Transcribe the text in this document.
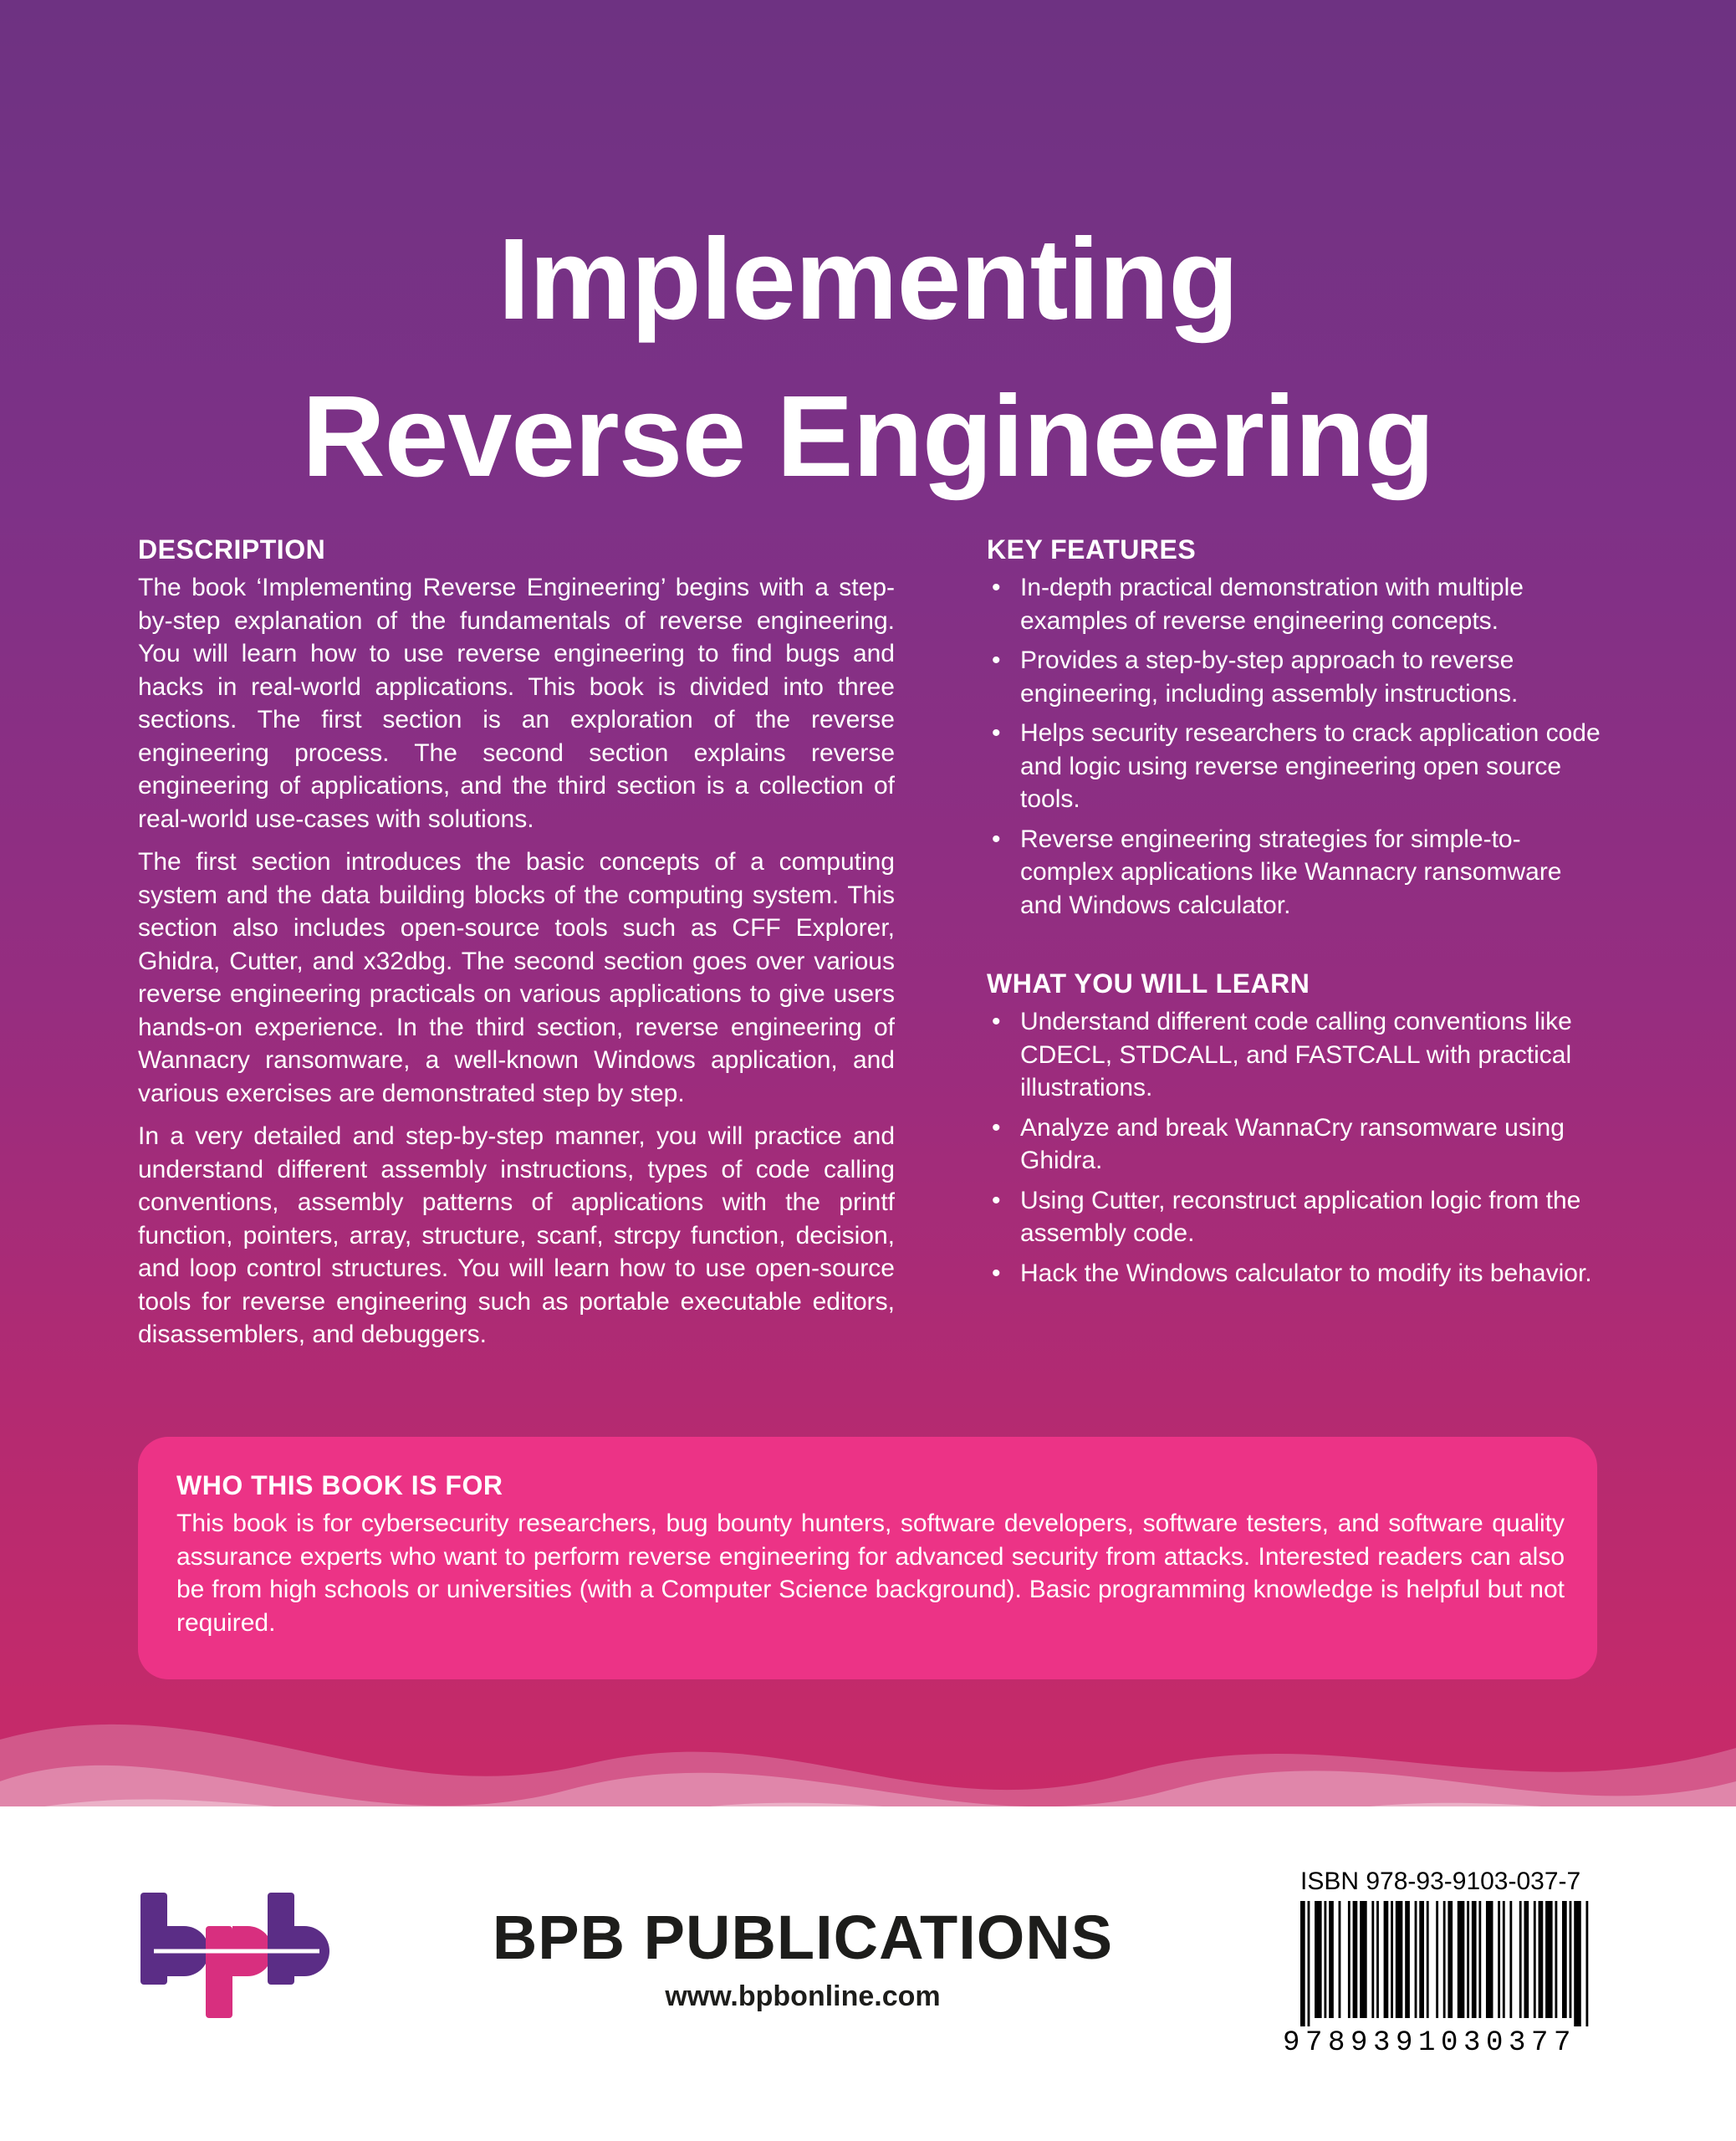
Implementing
Reverse Engineering
DESCRIPTION

The book ‘Implementing Reverse Engineering’ begins with a step-by-step explanation of the fundamentals of reverse engineering. You will learn how to use reverse engineering to find bugs and hacks in real-world applications. This book is divided into three sections. The first section is an exploration of the reverse engineering process. The second section explains reverse engineering of applications, and the third section is a collection of real-world use-cases with solutions.

The first section introduces the basic concepts of a computing system and the data building blocks of the computing system. This section also includes open-source tools such as CFF Explorer, Ghidra, Cutter, and x32dbg. The second section goes over various reverse engineering practicals on various applications to give users hands-on experience. In the third section, reverse engineering of Wannacry ransomware, a well-known Windows application, and various exercises are demonstrated step by step.

In a very detailed and step-by-step manner, you will practice and understand different assembly instructions, types of code calling conventions, assembly patterns of applications with the printf function, pointers, array, structure, scanf, strcpy function, decision, and loop control structures. You will learn how to use open-source tools for reverse engineering such as portable executable editors, disassemblers, and debuggers.

KEY FEATURES
• In-depth practical demonstration with multiple examples of reverse engineering concepts.
• Provides a step-by-step approach to reverse engineering, including assembly instructions.
• Helps security researchers to crack application code and logic using reverse engineering open source tools.
• Reverse engineering strategies for simple-to-complex applications like Wannacry ransomware and Windows calculator.
WHAT YOU WILL LEARN
• Understand different code calling conventions like CDECL, STDCALL, and FASTCALL with practical illustrations.
• Analyze and break WannaCry ransomware using Ghidra.
• Using Cutter, reconstruct application logic from the assembly code.
• Hack the Windows calculator to modify its behavior.
WHO THIS BOOK IS FOR

This book is for cybersecurity researchers, bug bounty hunters, software developers, software testers, and software quality assurance experts who want to perform reverse engineering for advanced security from attacks. Interested readers can also be from high schools or universities (with a Computer Science background). Basic programming knowledge is helpful but not required.

BPB PUBLICATIONS
www.bpbonline.com
ISBN 978-93-9103-037-7
9789391030377
